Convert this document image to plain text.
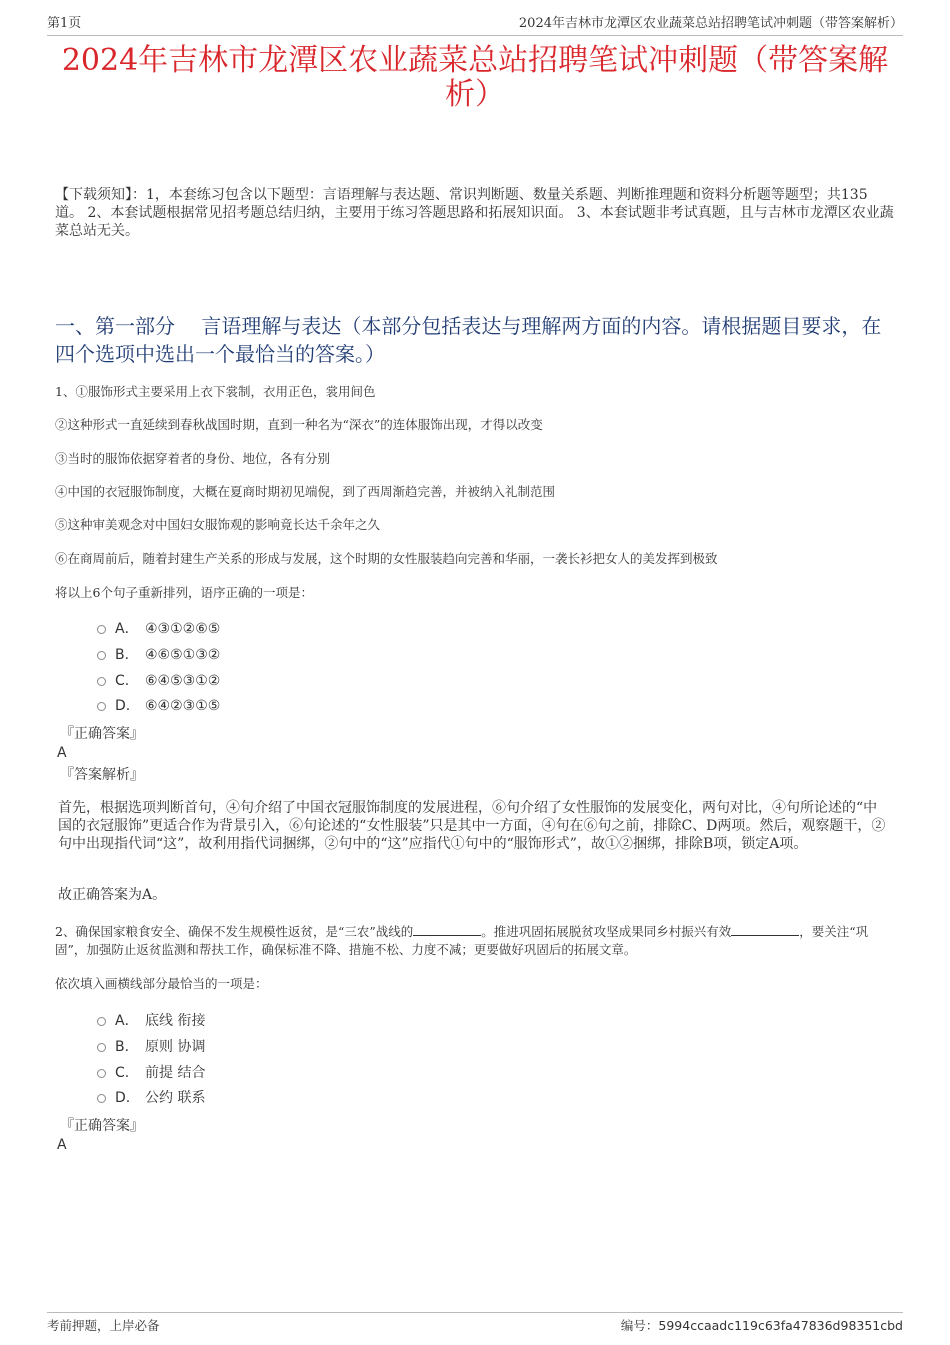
第1页	2024年吉林市龙潭区农业蔬菜总站招聘笔试冲刺题（带答案解析）
2024年吉林市龙潭区农业蔬菜总站招聘笔试冲刺题（带答案解析）

【下载须知】：1，本套练习包含以下题型：言语理解与表达题、常识判断题、数量关系题、判断推理题和资料分析题等题型；共135道。 2、本套试题根据常见招考题总结归纳，主要用于练习答题思路和拓展知识面。 3、本套试题非考试真题，且与吉林市龙潭区农业蔬菜总站无关。

一、第一部分　 言语理解与表达（本部分包括表达与理解两方面的内容。请根据题目要求，在四个选项中选出一个最恰当的答案。）

1、①服饰形式主要采用上衣下裳制，衣用正色，裳用间色

②这种形式一直延续到春秋战国时期，直到一种名为“深衣”的连体服饰出现，才得以改变

③当时的服饰依据穿着者的身份、地位，各有分别

④中国的衣冠服饰制度，大概在夏商时期初见端倪，到了西周渐趋完善，并被纳入礼制范围

⑤这种审美观念对中国妇女服饰观的影响竟长达千余年之久

⑥在商周前后，随着封建生产关系的形成与发展，这个时期的女性服装趋向完善和华丽，一袭长衫把女人的美发挥到极致

将以上6个句子重新排列，语序正确的一项是：

A． ④③①②⑥⑤
B.	④⑥⑤①③②
C.	⑥④⑤③①②
D.	⑥④②③①⑤
『正确答案』
A
『答案解析』

首先，根据选项判断首句，④句介绍了中国衣冠服饰制度的发展进程，⑥句介绍了女性服饰的发展变化，两句对比，④句所论述的“中国的衣冠服饰”更适合作为背景引入，⑥句论述的“女性服装”只是其中一方面，④句在⑥句之前，排除C、D两项。然后，观察题干，②句中出现指代词“这”，故利用指代词捆绑，②句中的“这”应指代①句中的“服饰形式”，故①②捆绑，排除B项，锁定A项。

故正确答案为A。

2、确保国家粮食安全、确保不发生规模性返贫，是“三农”战线的	。推进巩固拓展脱贫攻坚成果同乡村振兴有效	，要关注“巩固”，加强防止返贫监测和帮扶工作，确保标准不降、措施不松、力度不减；更要做好巩固后的拓展文章。

依次填入画横线部分最恰当的一项是：

A． 底线 衔接
B.	原则 协调
C.	前提 结合
D.	公约 联系
『正确答案』
A
考前押题，上岸必备	编号：5994ccaadc119c63fa47836d98351cbd
